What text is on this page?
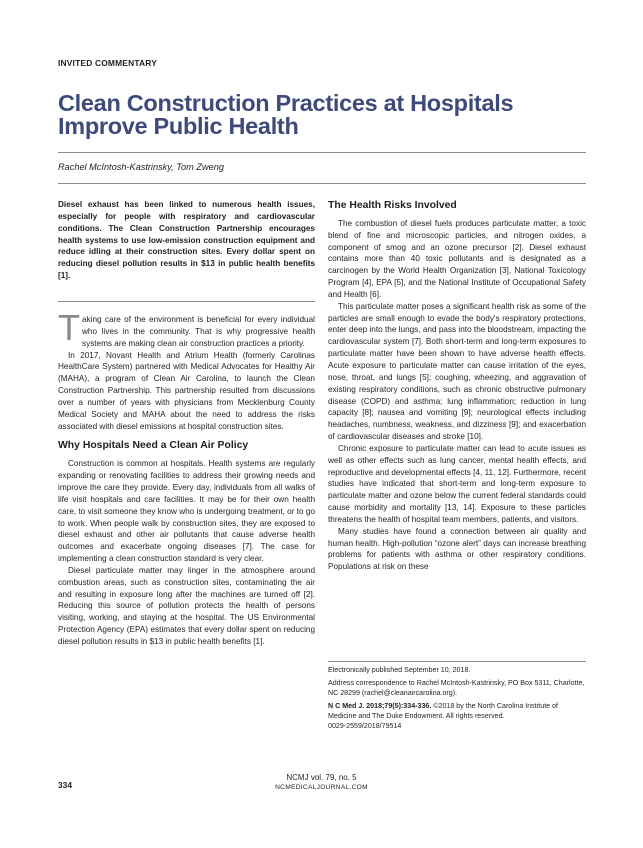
INVITED COMMENTARY
Clean Construction Practices at Hospitals
Improve Public Health
Rachel McIntosh-Kastrinsky, Tom Zweng
Diesel exhaust has been linked to numerous health issues, especially for people with respiratory and cardiovascular conditions. The Clean Construction Partnership encourages health systems to use low-emission construction equipment and reduce idling at their construction sites. Every dollar spent on reducing diesel pollution results in $13 in public health benefits [1].

Taking care of the environment is beneficial for every individual who lives in the community. That is why progressive health systems are making clean air construction practices a priority.

In 2017, Novant Health and Atrium Health (formerly Carolinas HealthCare System) partnered with Medical Advocates for Healthy Air (MAHA), a program of Clean Air Carolina, to launch the Clean Construction Partnership. This partnership resulted from discussions over a number of years with physicians from Mecklenburg County Medical Society and MAHA about the need to address the risks associated with diesel emissions at hospital construction sites.

Why Hospitals Need a Clean Air Policy

Construction is common at hospitals. Health systems are regularly expanding or renovating facilities to address their growing needs and improve the care they provide. Every day, individuals from all walks of life visit hospitals and care facilities. It may be for their own health care, to visit someone they know who is undergoing treatment, or to go to work. When people walk by construction sites, they are exposed to diesel exhaust and other air pollutants that cause adverse health outcomes and exacerbate ongoing diseases [7]. The case for implementing a clean construction standard is very clear.

Diesel particulate matter may linger in the atmosphere around combustion areas, such as construction sites, contaminating the air and resulting in exposure long after the machines are turned off [2]. Reducing this source of pollution protects the health of persons visiting, working, and staying at the hospital. The US Environmental Protection Agency (EPA) estimates that every dollar spent on reducing diesel pollution results in $13 in public health benefits [1].

The Health Risks Involved

The combustion of diesel fuels produces particulate matter, a toxic blend of fine and microscopic particles, and nitrogen oxides, a component of smog and an ozone precursor [2]. Diesel exhaust contains more than 40 toxic pollutants and is designated as a carcinogen by the World Health Organization [3], National Toxicology Program [4], EPA [5], and the National Institute of Occupational Safety and Health [6].

This particulate matter poses a significant health risk as some of the particles are small enough to evade the body's respiratory protections, enter deep into the lungs, and pass into the bloodstream, impacting the cardiovascular system [7]. Both short-term and long-term exposures to particulate matter have been shown to have adverse health effects. Acute exposure to particulate matter can cause irritation of the eyes, nose, throat, and lungs [5]; coughing, wheezing, and aggravation of existing respiratory conditions, such as chronic obstructive pulmonary disease (COPD) and asthma; lung inflammation; reduction in lung capacity [8]; nausea and vomiting [9]; neurological effects including headaches, numbness, weakness, and dizziness [9]; and exacerbation of cardiovascular diseases and stroke [10].

Chronic exposure to particulate matter can lead to acute issues as well as other effects such as lung cancer, mental health effects, and reproductive and developmental effects [4, 11, 12]. Furthermore, recent studies have indicated that short-term and long-term exposure to particulate matter and ozone below the current federal standards could cause morbidity and mortality [13, 14]. Exposure to these particles threatens the health of hospital team members, patients, and visitors.

Many studies have found a connection between air quality and human health. High-pollution “ozone alert” days can increase breathing problems for patients with asthma or other respiratory conditions. Populations at risk on these

Electronically published September 10, 2018.

Address correspondence to Rachel McIntosh-Kastrinsky, PO Box 5311, Charlotte, NC 28299 (rachel@cleanaircarolina.org).

N C Med J. 2018;79(5):334-336. ©2018 by the North Carolina Institute of Medicine and The Duke Endowment. All rights reserved.
0029-2559/2018/79514

334
NCMJ vol. 79, no. 5
NCMEDICALJOURNAL.COM
